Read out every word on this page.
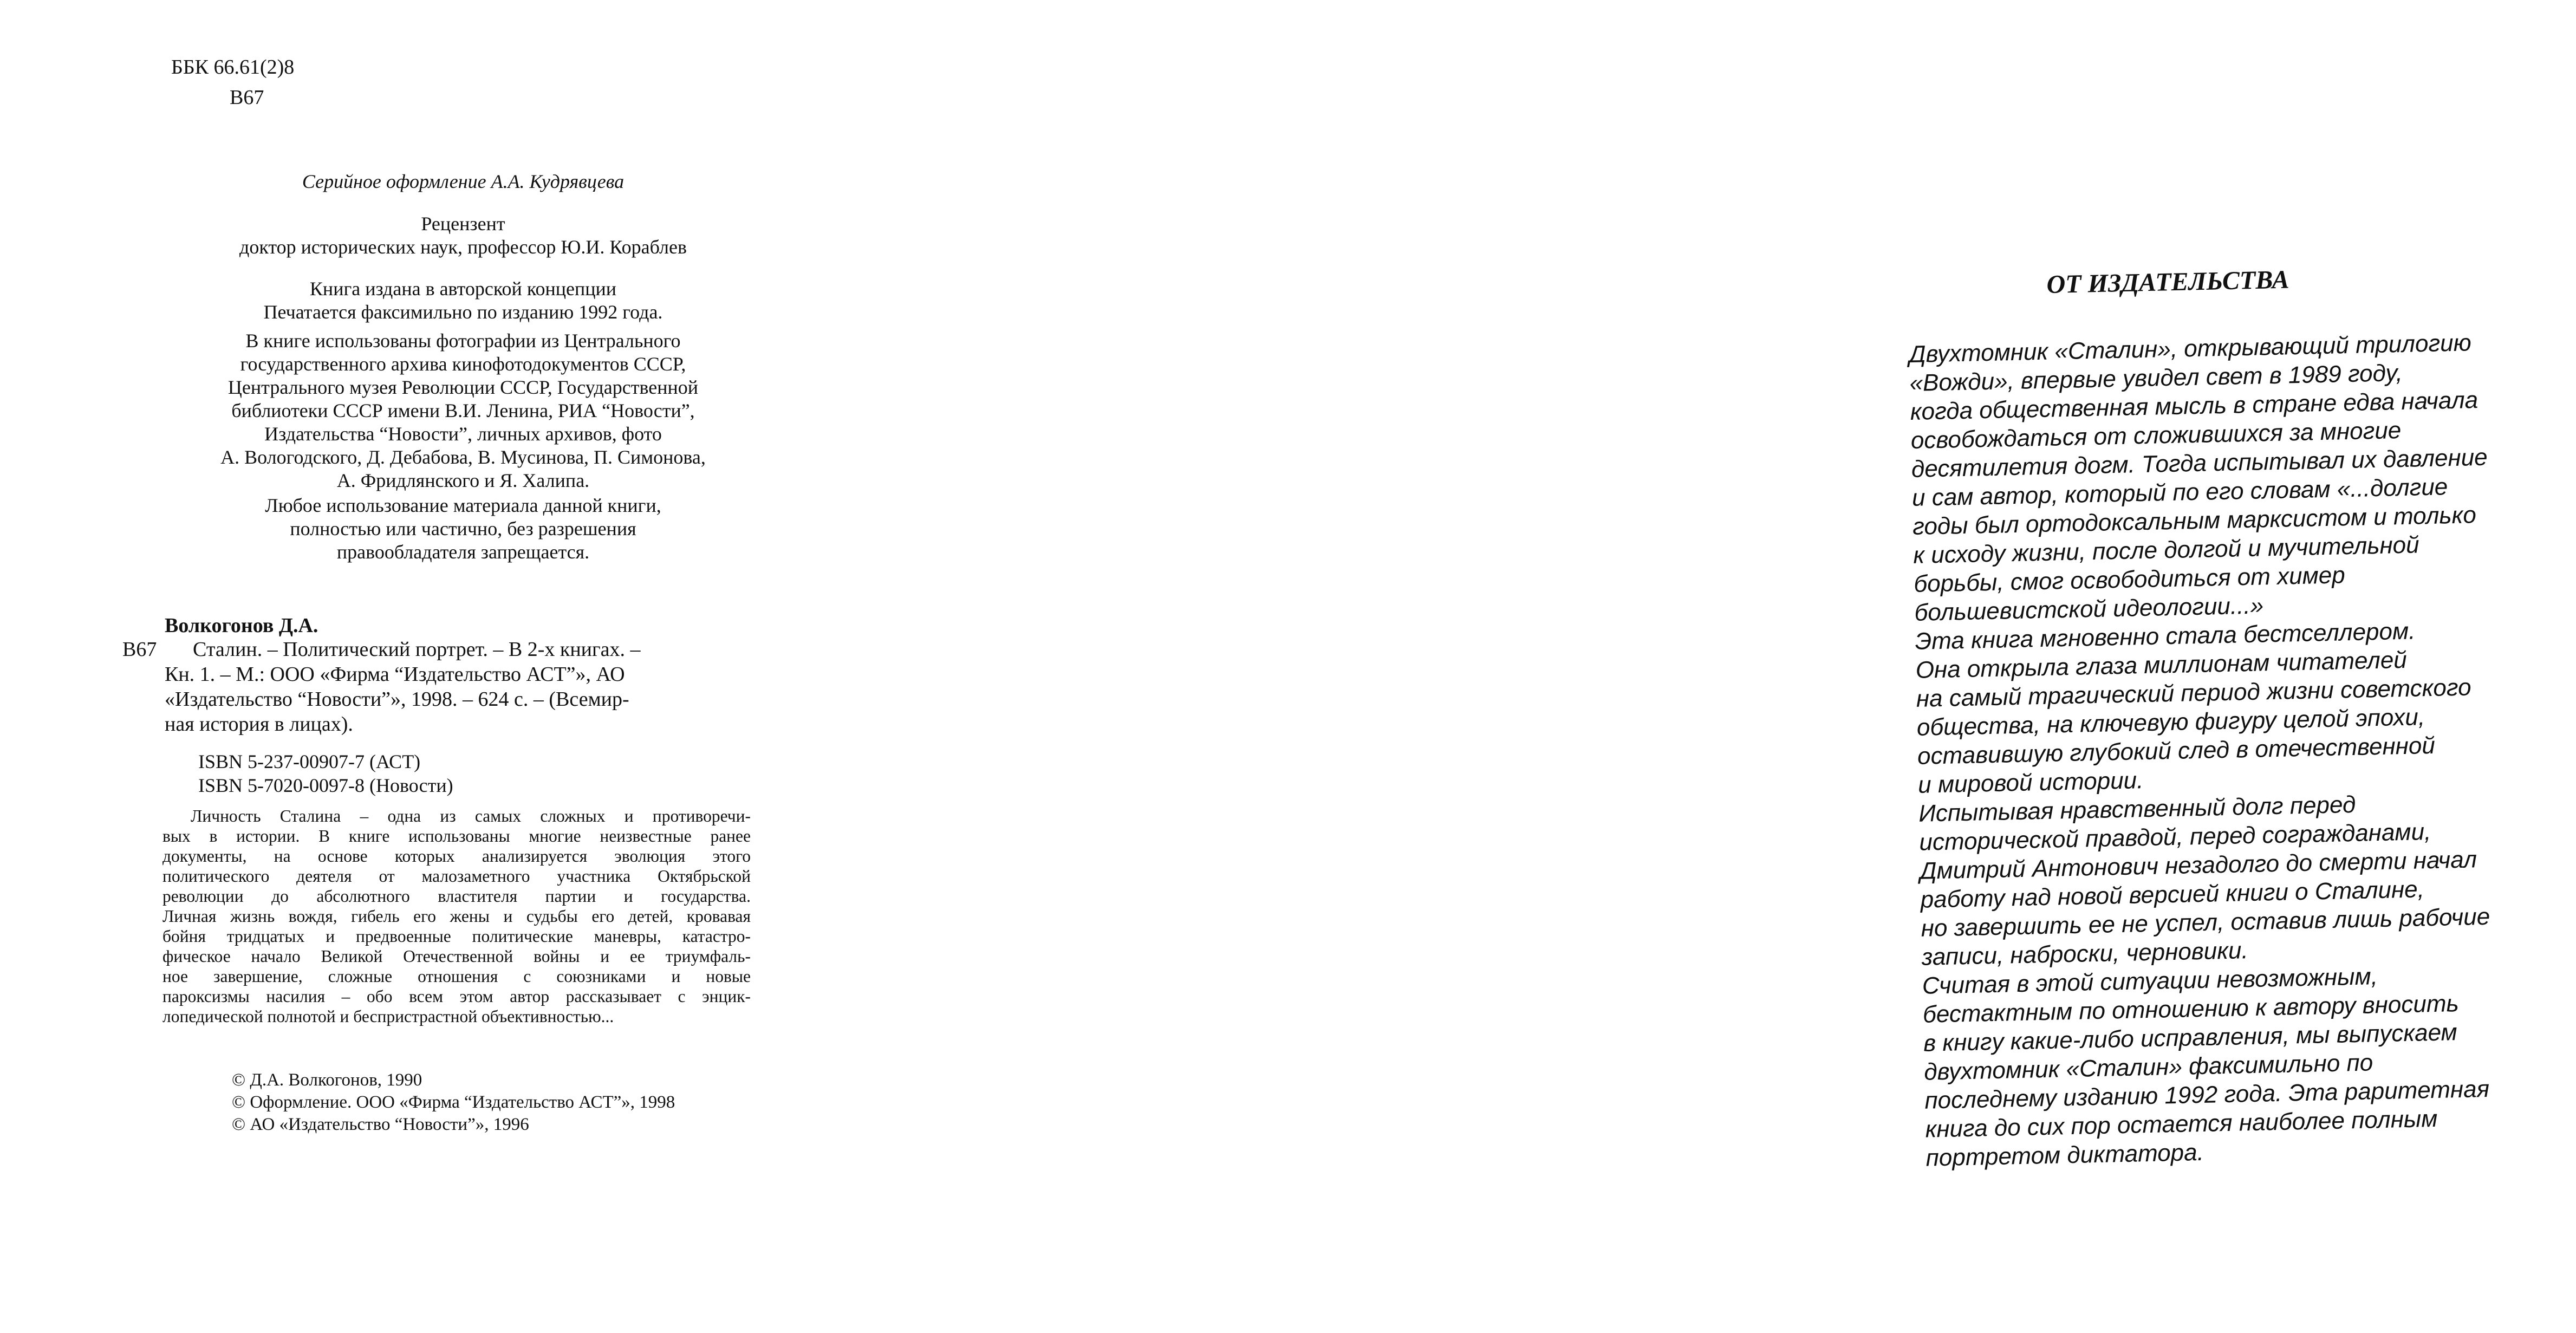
ББК 66.61(2)8
В67
Серийное оформление А.А. Кудрявцева

Рецензент

доктор исторических наук, профессор Ю.И. Кораблев

Книга издана в авторской концепции

Печатается факсимильно по изданию 1992 года.

В книге использованы фотографии из Центрального

государственного архива кинофотодокументов СССР,

Центрального музея Революции СССР, Государственной

библиотеки СССР имени В.И. Ленина, РИА “Новости”,

Издательства “Новости”, личных архивов, фото

А. Вологодского, Д. Дебабова, В. Мусинова, П. Симонова,

А. Фридлянского и Я. Халипа.

Любое использование материала данной книги,

полностью или частично, без разрешения

правообладателя запрещается.

Волкогонов Д.А.
В67	Сталин. – Политический портрет. – В 2-х книгах. –
Кн. 1. – М.: ООО «Фирма “Издательство АСТ”», АО
«Издательство “Новости”», 1998. – 624 с. – (Всемир-
ная история в лицах).
ISBN 5-237-00907-7 (АСТ)
ISBN 5-7020-0097-8 (Новости)
Личность Сталина – одна из самых сложных и противоречи-
вых в истории. В книге использованы многие неизвестные ранее
документы, на основе которых анализируется эволюция этого
политического деятеля от малозаметного участника Октябрьской
революции до абсолютного властителя партии и государства.
Личная жизнь вождя, гибель его жены и судьбы его детей, кровавая
бойня тридцатых и предвоенные политические маневры, катастро-
фическое начало Великой Отечественной войны и ее триумфаль-
ное завершение, сложные отношения с союзниками и новые
пароксизмы насилия – обо всем этом автор рассказывает с энцик-
лопедической полнотой и беспристрастной объективностью...
© Д.А. Волкогонов, 1990
© Оформление. ООО «Фирма “Издательство АСТ”», 1998
© АО «Издательство “Новости”», 1996
ОТ ИЗДАТЕЛЬСТВА
Двухтомник «Сталин», открывающий трилогию
«Вожди», впервые увидел свет в 1989 году,
когда общественная мысль в стране едва начала
освобождаться от сложившихся за многие
десятилетия догм. Тогда испытывал их давление
и сам автор, который по его словам «...долгие
годы был ортодоксальным марксистом и только
к исходу жизни, после долгой и мучительной
борьбы, смог освободиться от химер
большевистской идеологии...»
Эта книга мгновенно стала бестселлером.
Она открыла глаза миллионам читателей
на самый трагический период жизни советского
общества, на ключевую фигуру целой эпохи,
оставившую глубокий след в отечественной
и мировой истории.
Испытывая нравственный долг перед
исторической правдой, перед согражданами,
Дмитрий Антонович незадолго до смерти начал
работу над новой версией книги о Сталине,
но завершить ее не успел, оставив лишь рабочие
записи, наброски, черновики.
Считая в этой ситуации невозможным,
бестактным по отношению к автору вносить
в книгу какие-либо исправления, мы выпускаем
двухтомник «Сталин» факсимильно по
последнему изданию 1992 года. Эта раритетная
книга до сих пор остается наиболее полным
портретом диктатора.
